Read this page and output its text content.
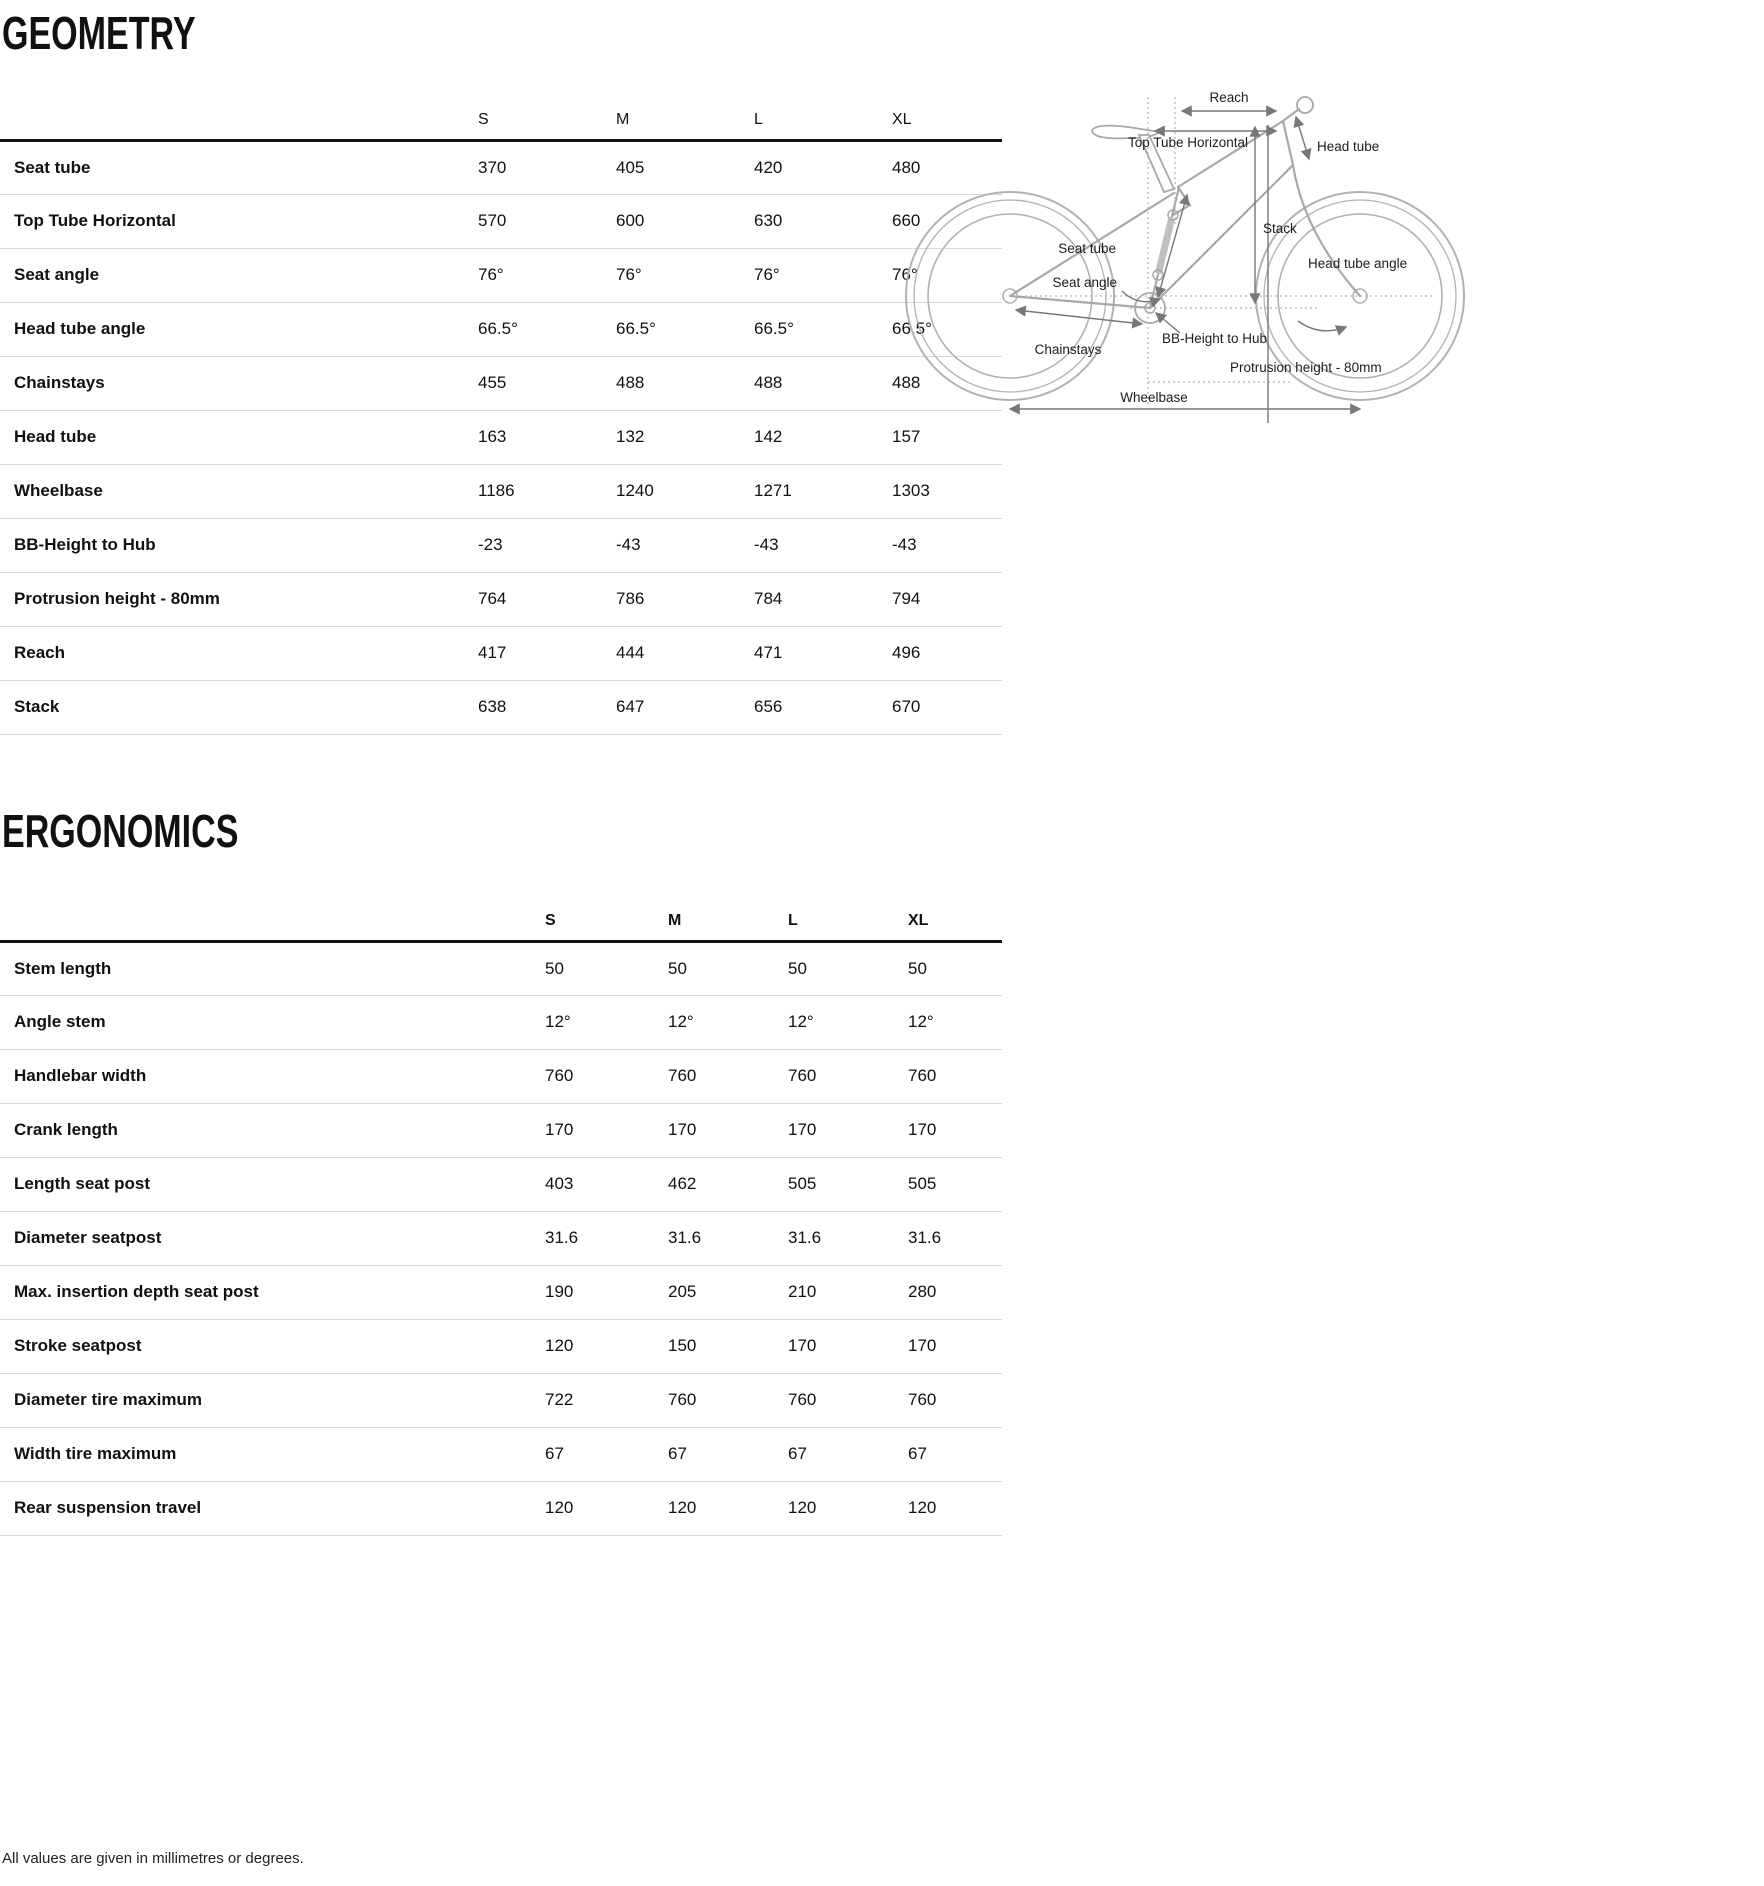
GEOMETRY
	S	M	L	XL
Seat tube	370	405	420	480
Top Tube Horizontal	570	600	630	660
Seat angle	76°	76°	76°	76°
Head tube angle	66.5°	66.5°	66.5°	66.5°
Chainstays	455	488	488	488
Head tube	163	132	142	157
Wheelbase	1186	1240	1271	1303
BB-Height to Hub	-23	-43	-43	-43
Protrusion height - 80mm	764	786	784	794
Reach	417	444	471	496
Stack	638	647	656	670
ERGONOMICS
	S	M	L	XL
Stem length	50	50	50	50
Angle stem	12°	12°	12°	12°
Handlebar width	760	760	760	760
Crank length	170	170	170	170
Length seat post	403	462	505	505
Diameter seatpost	31.6	31.6	31.6	31.6
Max. insertion depth seat post	190	205	210	280
Stroke seatpost	120	150	170	170
Diameter tire maximum	722	760	760	760
Width tire maximum	67	67	67	67
Rear suspension travel	120	120	120	120
All values are given in millimetres or degrees.
Reach
Top Tube Horizontal	Head tube
Seat tube
Stack
Seat angle
Head tube angle
Chainstays
BB-Height to Hub
Protrusion height - 80mm
Wheelbase
